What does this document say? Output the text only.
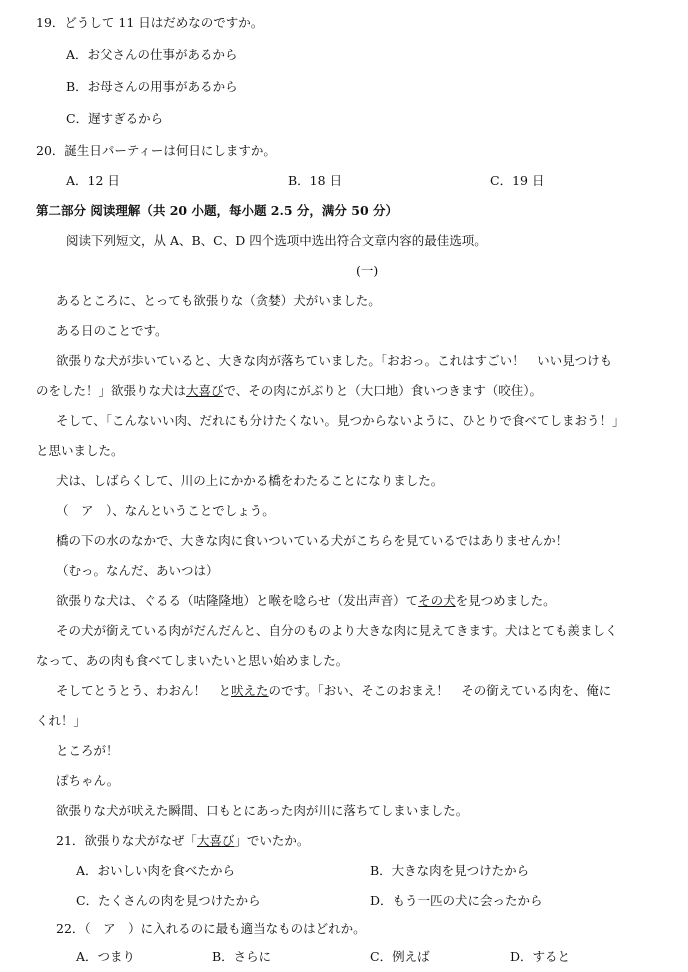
19．どうして 11 日はだめなのですか。
A．お父さんの仕事があるから
B．お母さんの用事があるから
C．遅すぎるから
20．誕生日パーティーは何日にしますか。
A．12 日	B．18 日	C．19 日
第二部分 阅读理解（共 20 小题，每小题 2.5 分，满分 50 分）
阅读下列短文，从 A、B、C、D 四个选项中选出符合文章内容的最佳选项。
(一)
あるところに、とっても欲張りな（贪婪）犬がいました。
ある日のことです。
欲張りな犬が歩いていると、大きな肉が落ちていました。「おおっ。これはすごい！　いい見つけも
のをした！」欲張りな犬は大喜びで、その肉にがぶりと（大口地）食いつきます（咬住）。
そして、「こんないい肉、だれにも分けたくない。見つからないように、ひとりで食べてしまおう！」
と思いました。
犬は、しばらくして、川の上にかかる橋をわたることになりました。
（　ア　）、なんということでしょう。
橋の下の水のなかで、大きな肉に食いついている犬がこちらを見ているではありませんか！
（むっ。なんだ、あいつは）
欲張りな犬は、ぐるる（咕隆隆地）と喉を唸らせ（发出声音）てその犬を見つめました。
その犬が銜えている肉がだんだんと、自分のものより大きな肉に見えてきます。犬はとても羨ましく
なって、あの肉も食べてしまいたいと思い始めました。
そしてとうとう、わおん！　と吠えたのです。「おい、そこのおまえ！　その銜えている肉を、俺に
くれ！」
ところが！
ぽちゃん。
欲張りな犬が吠えた瞬間、口もとにあった肉が川に落ちてしまいました。
21．欲張りな犬がなぜ「大喜び」でいたか。
A．おいしい肉を食べたから	B．大きな肉を見つけたから
C．たくさんの肉を見つけたから	D．もう一匹の犬に会ったから
22．（　ア　）に入れるのに最も適当なものはどれか。
A．つまり	B．さらに	C．例えば	D．すると
